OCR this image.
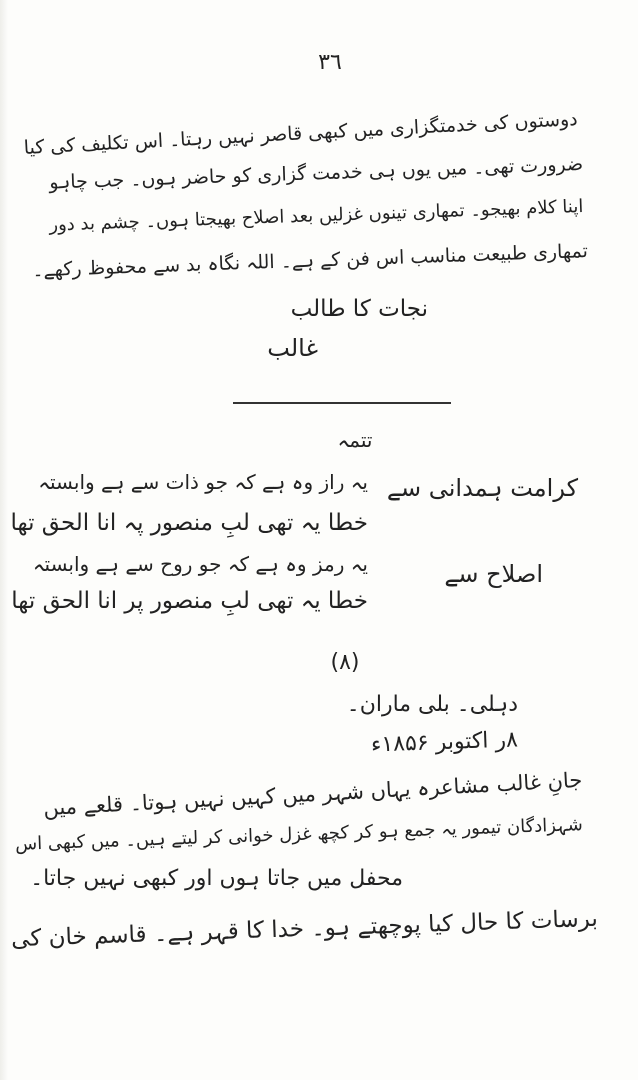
٣٦
دوستوں کی خدمتگزاری میں کبھی قاصر نہیں رہتا۔ اس تکلیف کی کیا
ضرورت تھی۔ میں یوں ہی خدمت گزاری کو حاضر ہوں۔ جب چاہو
اپنا کلام بھیجو۔ تمھاری تینوں غزلیں بعد اصلاح بھیجتا ہوں۔ چشم بد دور
تمھاری طبیعت مناسب اس فن کے ہے۔ اللہ نگاہ بد سے محفوظ رکھے۔
نجات کا طالب
غالب
تتمہ
یہ راز وہ ہے کہ جو ذات سے ہے وابستہ
خطا یہ تھی لبِ منصور پہ انا الحق تھا
یہ رمز وہ ہے کہ جو روح سے ہے وابستہ
خطا یہ تھی لبِ منصور پر انا الحق تھا
کرامت ہمدانی سے
اصلاح سے
(٨)
دہلی۔ بلی ماران۔
٨ر اکتوبر ۱۸۵۶ء
جانِ غالب مشاعرہ یہاں شہر میں کہیں نہیں ہوتا۔ قلعے میں
شہزادگان تیمور یہ جمع ہو کر کچھ غزل خوانی کر لیتے ہیں۔ میں کبھی اس
محفل میں جاتا ہوں اور کبھی نہیں جاتا۔
برسات کا حال کیا پوچھتے ہو۔ خدا کا قہر ہے۔ قاسم خان کی
